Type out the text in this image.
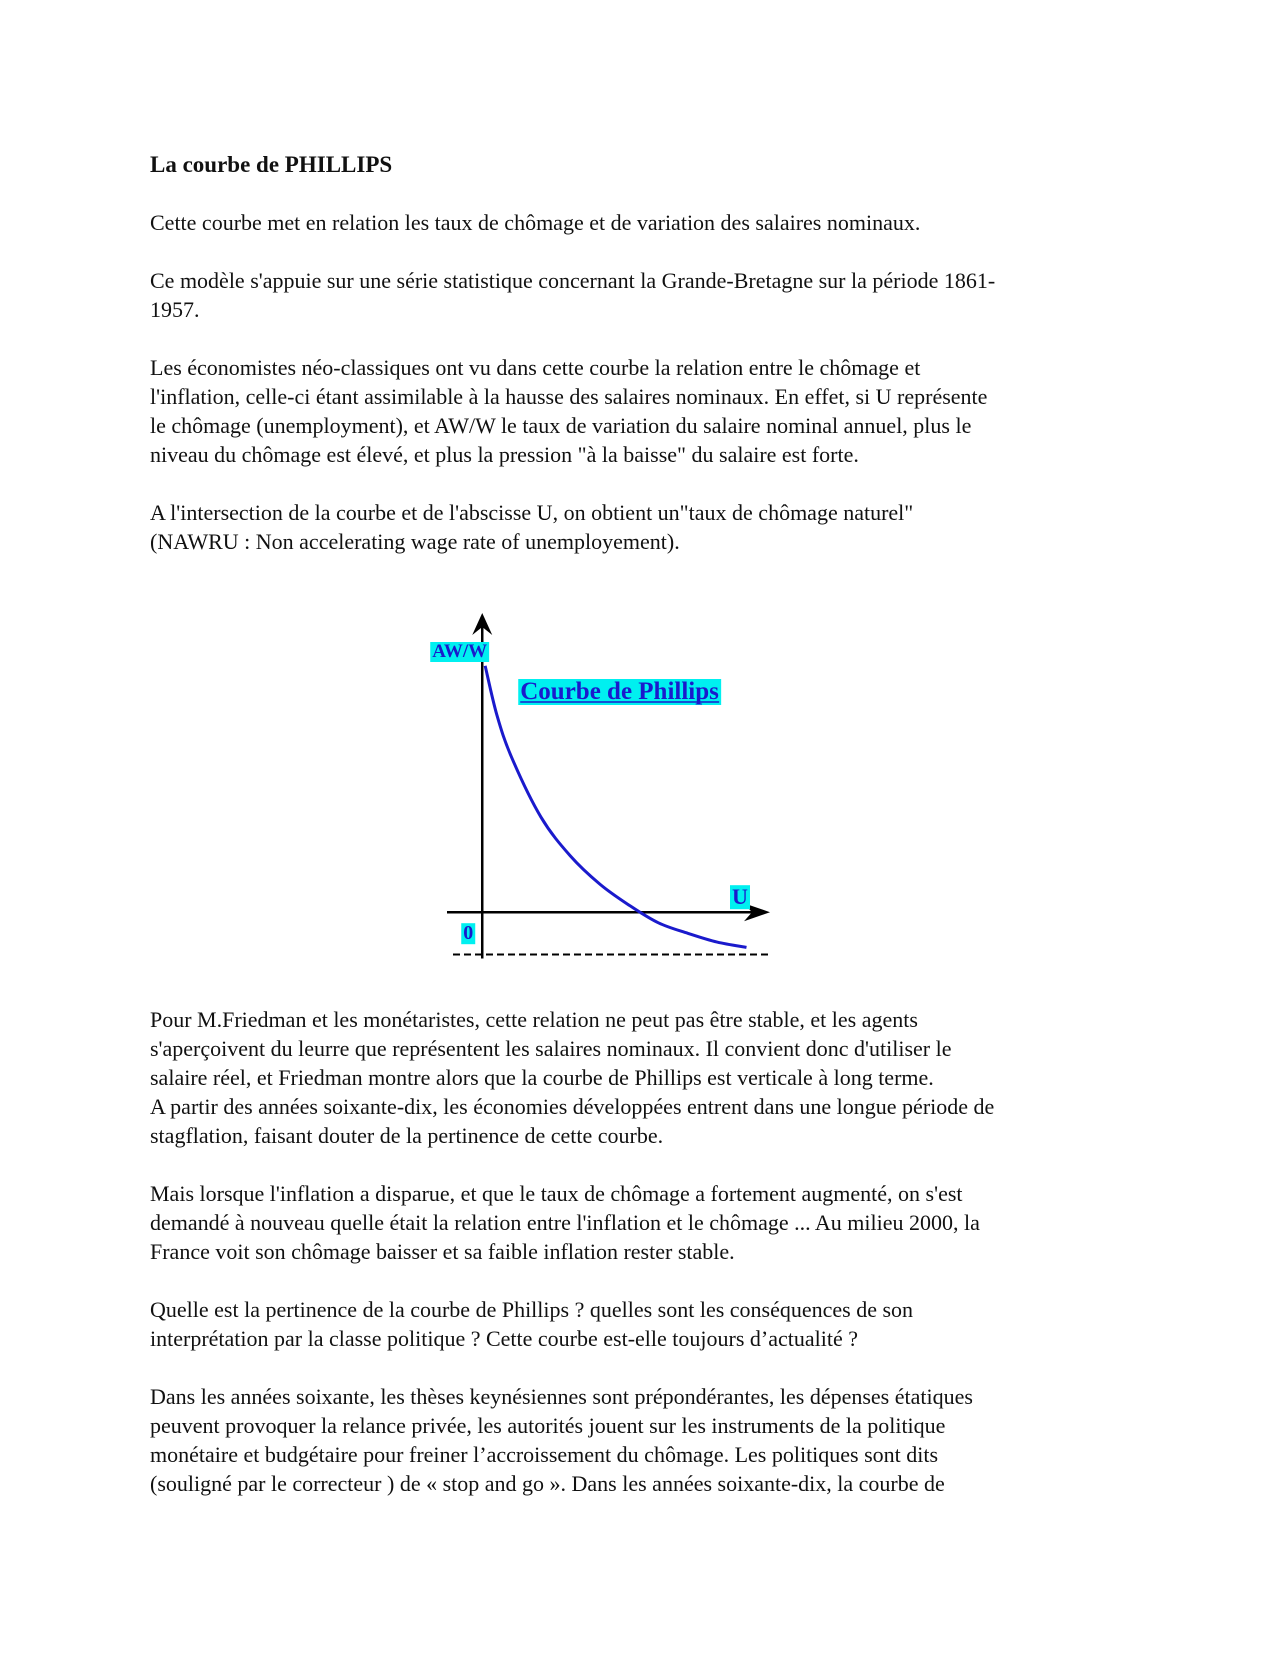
La courbe de PHILLIPS
Cette courbe met en relation les taux de chômage et de variation des salaires nominaux.
Ce modèle s'appuie sur une série statistique concernant la Grande-Bretagne sur la période 1861-
1957.
Les économistes néo-classiques ont vu dans cette courbe la relation entre le chômage et
l'inflation, celle-ci étant assimilable à la hausse des salaires nominaux. En effet, si U représente
le chômage (unemployment), et AW/W le taux de variation du salaire nominal annuel, plus le
niveau du chômage est élevé, et plus la pression "à la baisse" du salaire est forte.
A l'intersection de la courbe et de l'abscisse U, on obtient un"taux de chômage naturel"
(NAWRU : Non accelerating wage rate of unemployement).
AW/W
Courbe de Phillips
U
0
Pour M.Friedman et les monétaristes, cette relation ne peut pas être stable, et les agents
s'aperçoivent du leurre que représentent les salaires nominaux. Il convient donc d'utiliser le
salaire réel, et Friedman montre alors que la courbe de Phillips est verticale à long terme.
A partir des années soixante-dix, les économies développées entrent dans une longue période de
stagflation, faisant douter de la pertinence de cette courbe.
Mais lorsque l'inflation a disparue, et que le taux de chômage a fortement augmenté, on s'est
demandé à nouveau quelle était la relation entre l'inflation et le chômage ... Au milieu 2000, la
France voit son chômage baisser et sa faible inflation rester stable.
Quelle est la pertinence de la courbe de Phillips ? quelles sont les conséquences de son
interprétation par la classe politique ? Cette courbe est-elle toujours d’actualité ?
Dans les années soixante, les thèses keynésiennes sont prépondérantes, les dépenses étatiques
peuvent provoquer la relance privée, les autorités jouent sur les instruments de la politique
monétaire et budgétaire pour freiner l’accroissement du chômage. Les politiques sont dits
(souligné par le correcteur ) de « stop and go ». Dans les années soixante-dix, la courbe de
